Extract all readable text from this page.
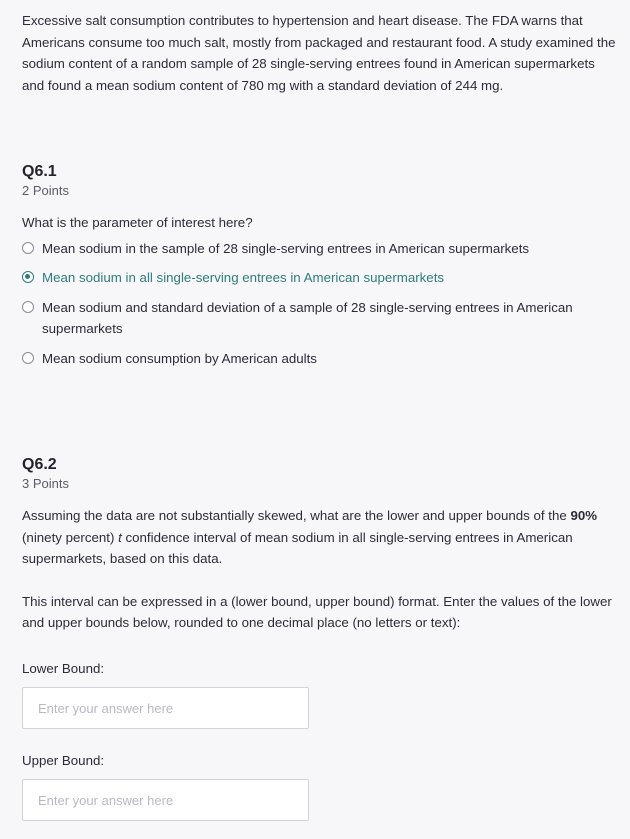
Excessive salt consumption contributes to hypertension and heart disease. The FDA warns that Americans consume too much salt, mostly from packaged and restaurant food. A study examined the sodium content of a random sample of 28 single-serving entrees found in American supermarkets and found a mean sodium content of 780 mg with a standard deviation of 244 mg.

Q6.1

2 Points

What is the parameter of interest here?

Mean sodium in the sample of 28 single-serving entrees in American supermarkets
Mean sodium in all single-serving entrees in American supermarkets
Mean sodium and standard deviation of a sample of 28 single-serving entrees in American supermarkets
Mean sodium consumption by American adults
Q6.2

3 Points

Assuming the data are not substantially skewed, what are the lower and upper bounds of the 90% (ninety percent) t confidence interval of mean sodium in all single-serving entrees in American supermarkets, based on this data.

This interval can be expressed in a (lower bound, upper bound) format. Enter the values of the lower and upper bounds below, rounded to one decimal place (no letters or text):

Lower Bound:

Enter your answer here

Upper Bound:

Enter your answer here
